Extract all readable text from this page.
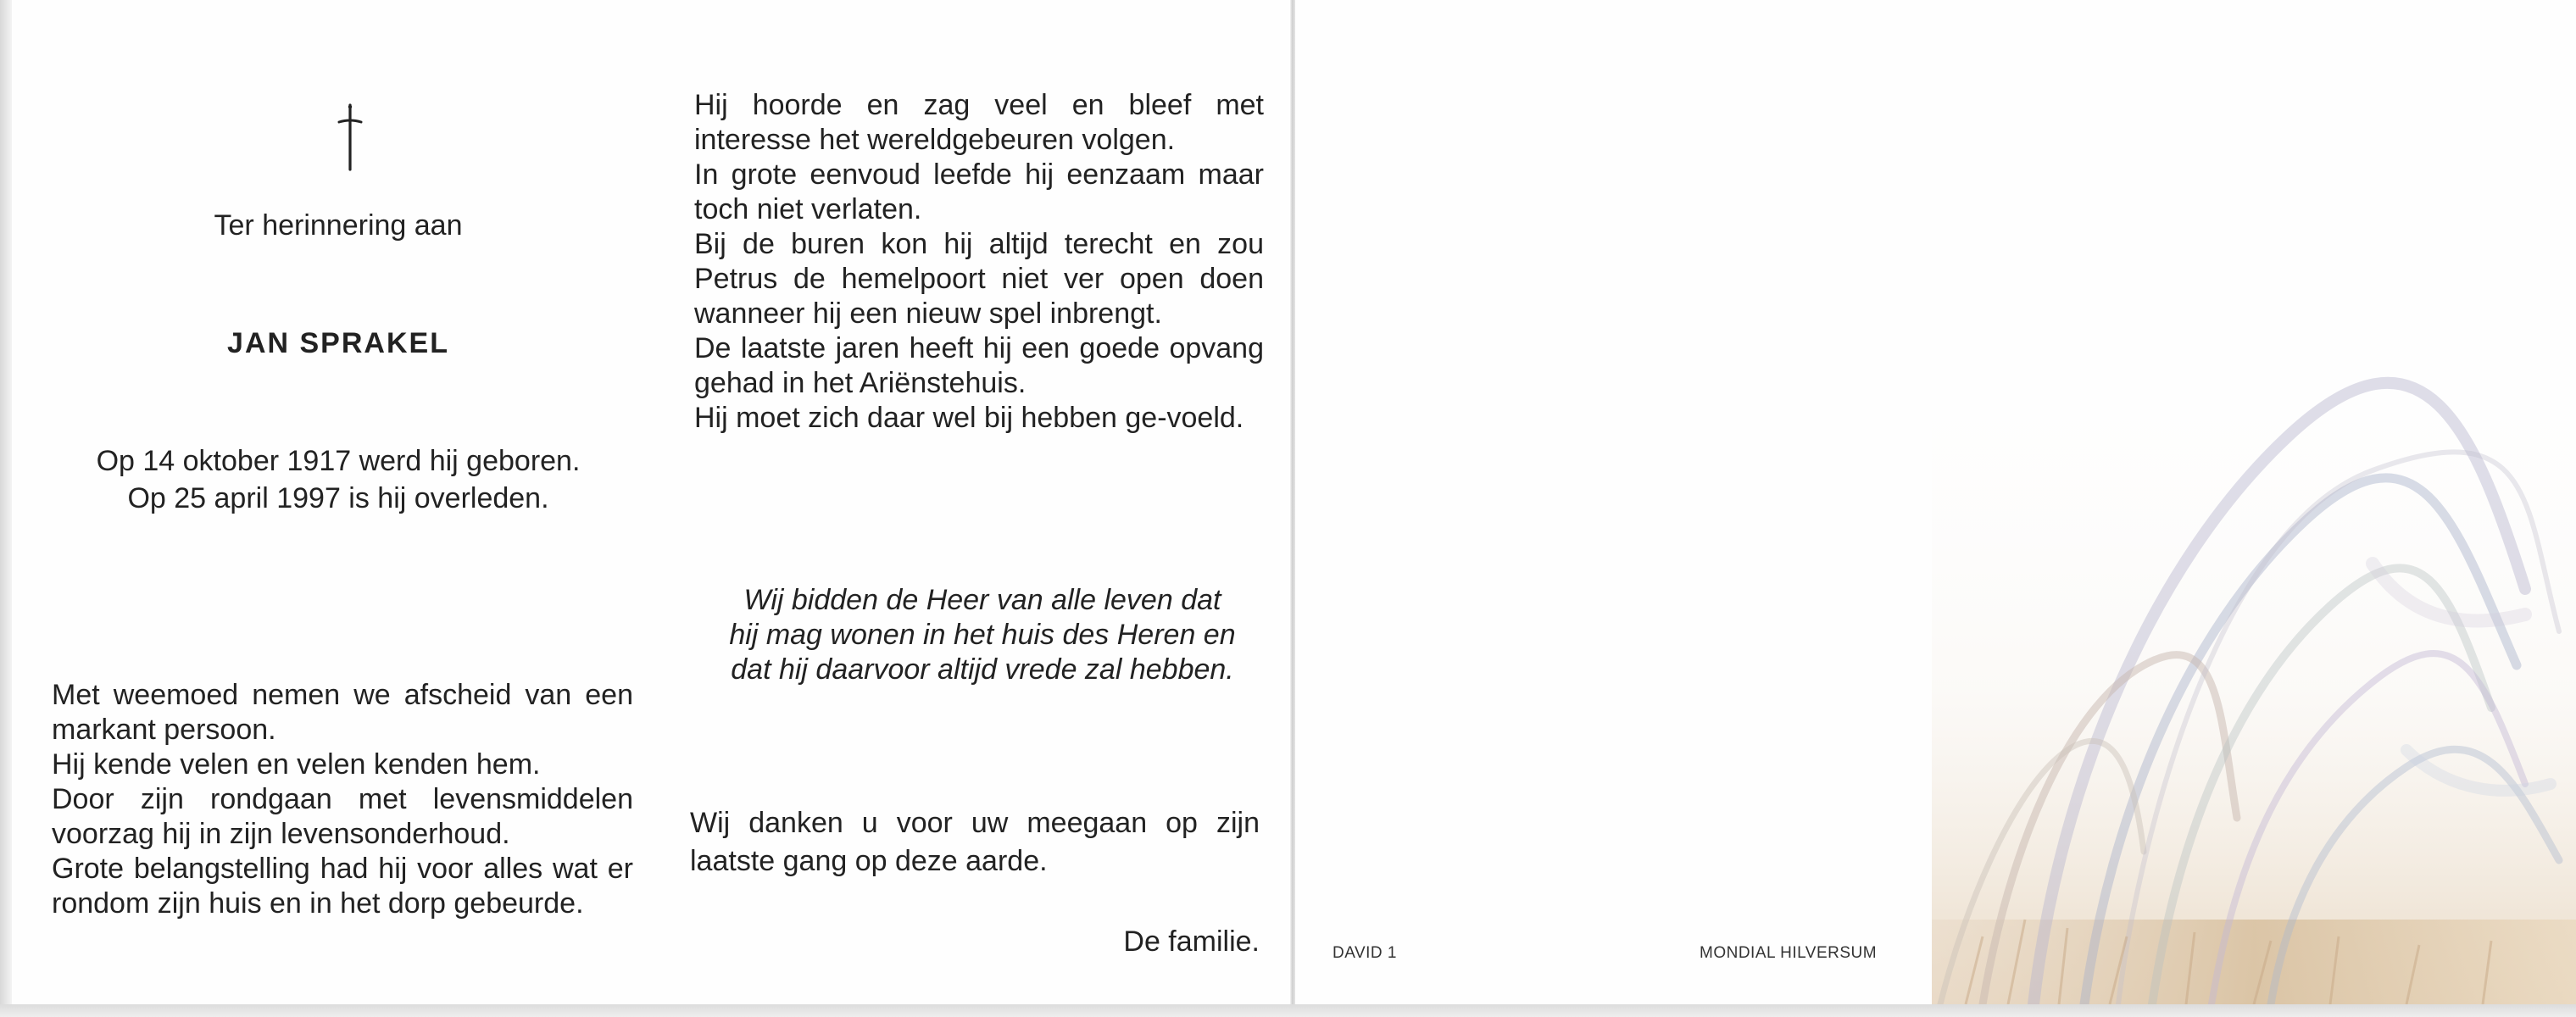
Ter herinnering aan
JAN SPRAKEL
Op 14 oktober 1917 werd hij geboren.
Op 25 april 1997 is hij overleden.

Met weemoed nemen we afscheid van een markant persoon.

Hij kende velen en velen kenden hem.

Door zijn rondgaan met levensmiddelen voorzag hij in zijn levensonderhoud.

Grote belangstelling had hij voor alles wat er rondom zijn huis en in het dorp gebeurde.

Hij hoorde en zag veel en bleef met interesse het wereldgebeuren volgen.

In grote eenvoud leefde hij eenzaam maar toch niet verlaten.

Bij de buren kon hij altijd terecht en zou Petrus de hemelpoort niet ver open doen wanneer hij een nieuw spel inbrengt.

De laatste jaren heeft hij een goede opvang gehad in het Ariënstehuis.

Hij moet zich daar wel bij hebben ge-voeld.

Wij bidden de Heer van alle leven dat

hij mag wonen in het huis des Heren en

dat hij daarvoor altijd vrede zal hebben.

Wij danken u voor uw meegaan op zijn laatste gang op deze aarde.
De familie.	DAVID 1	MONDIAL HILVERSUM
